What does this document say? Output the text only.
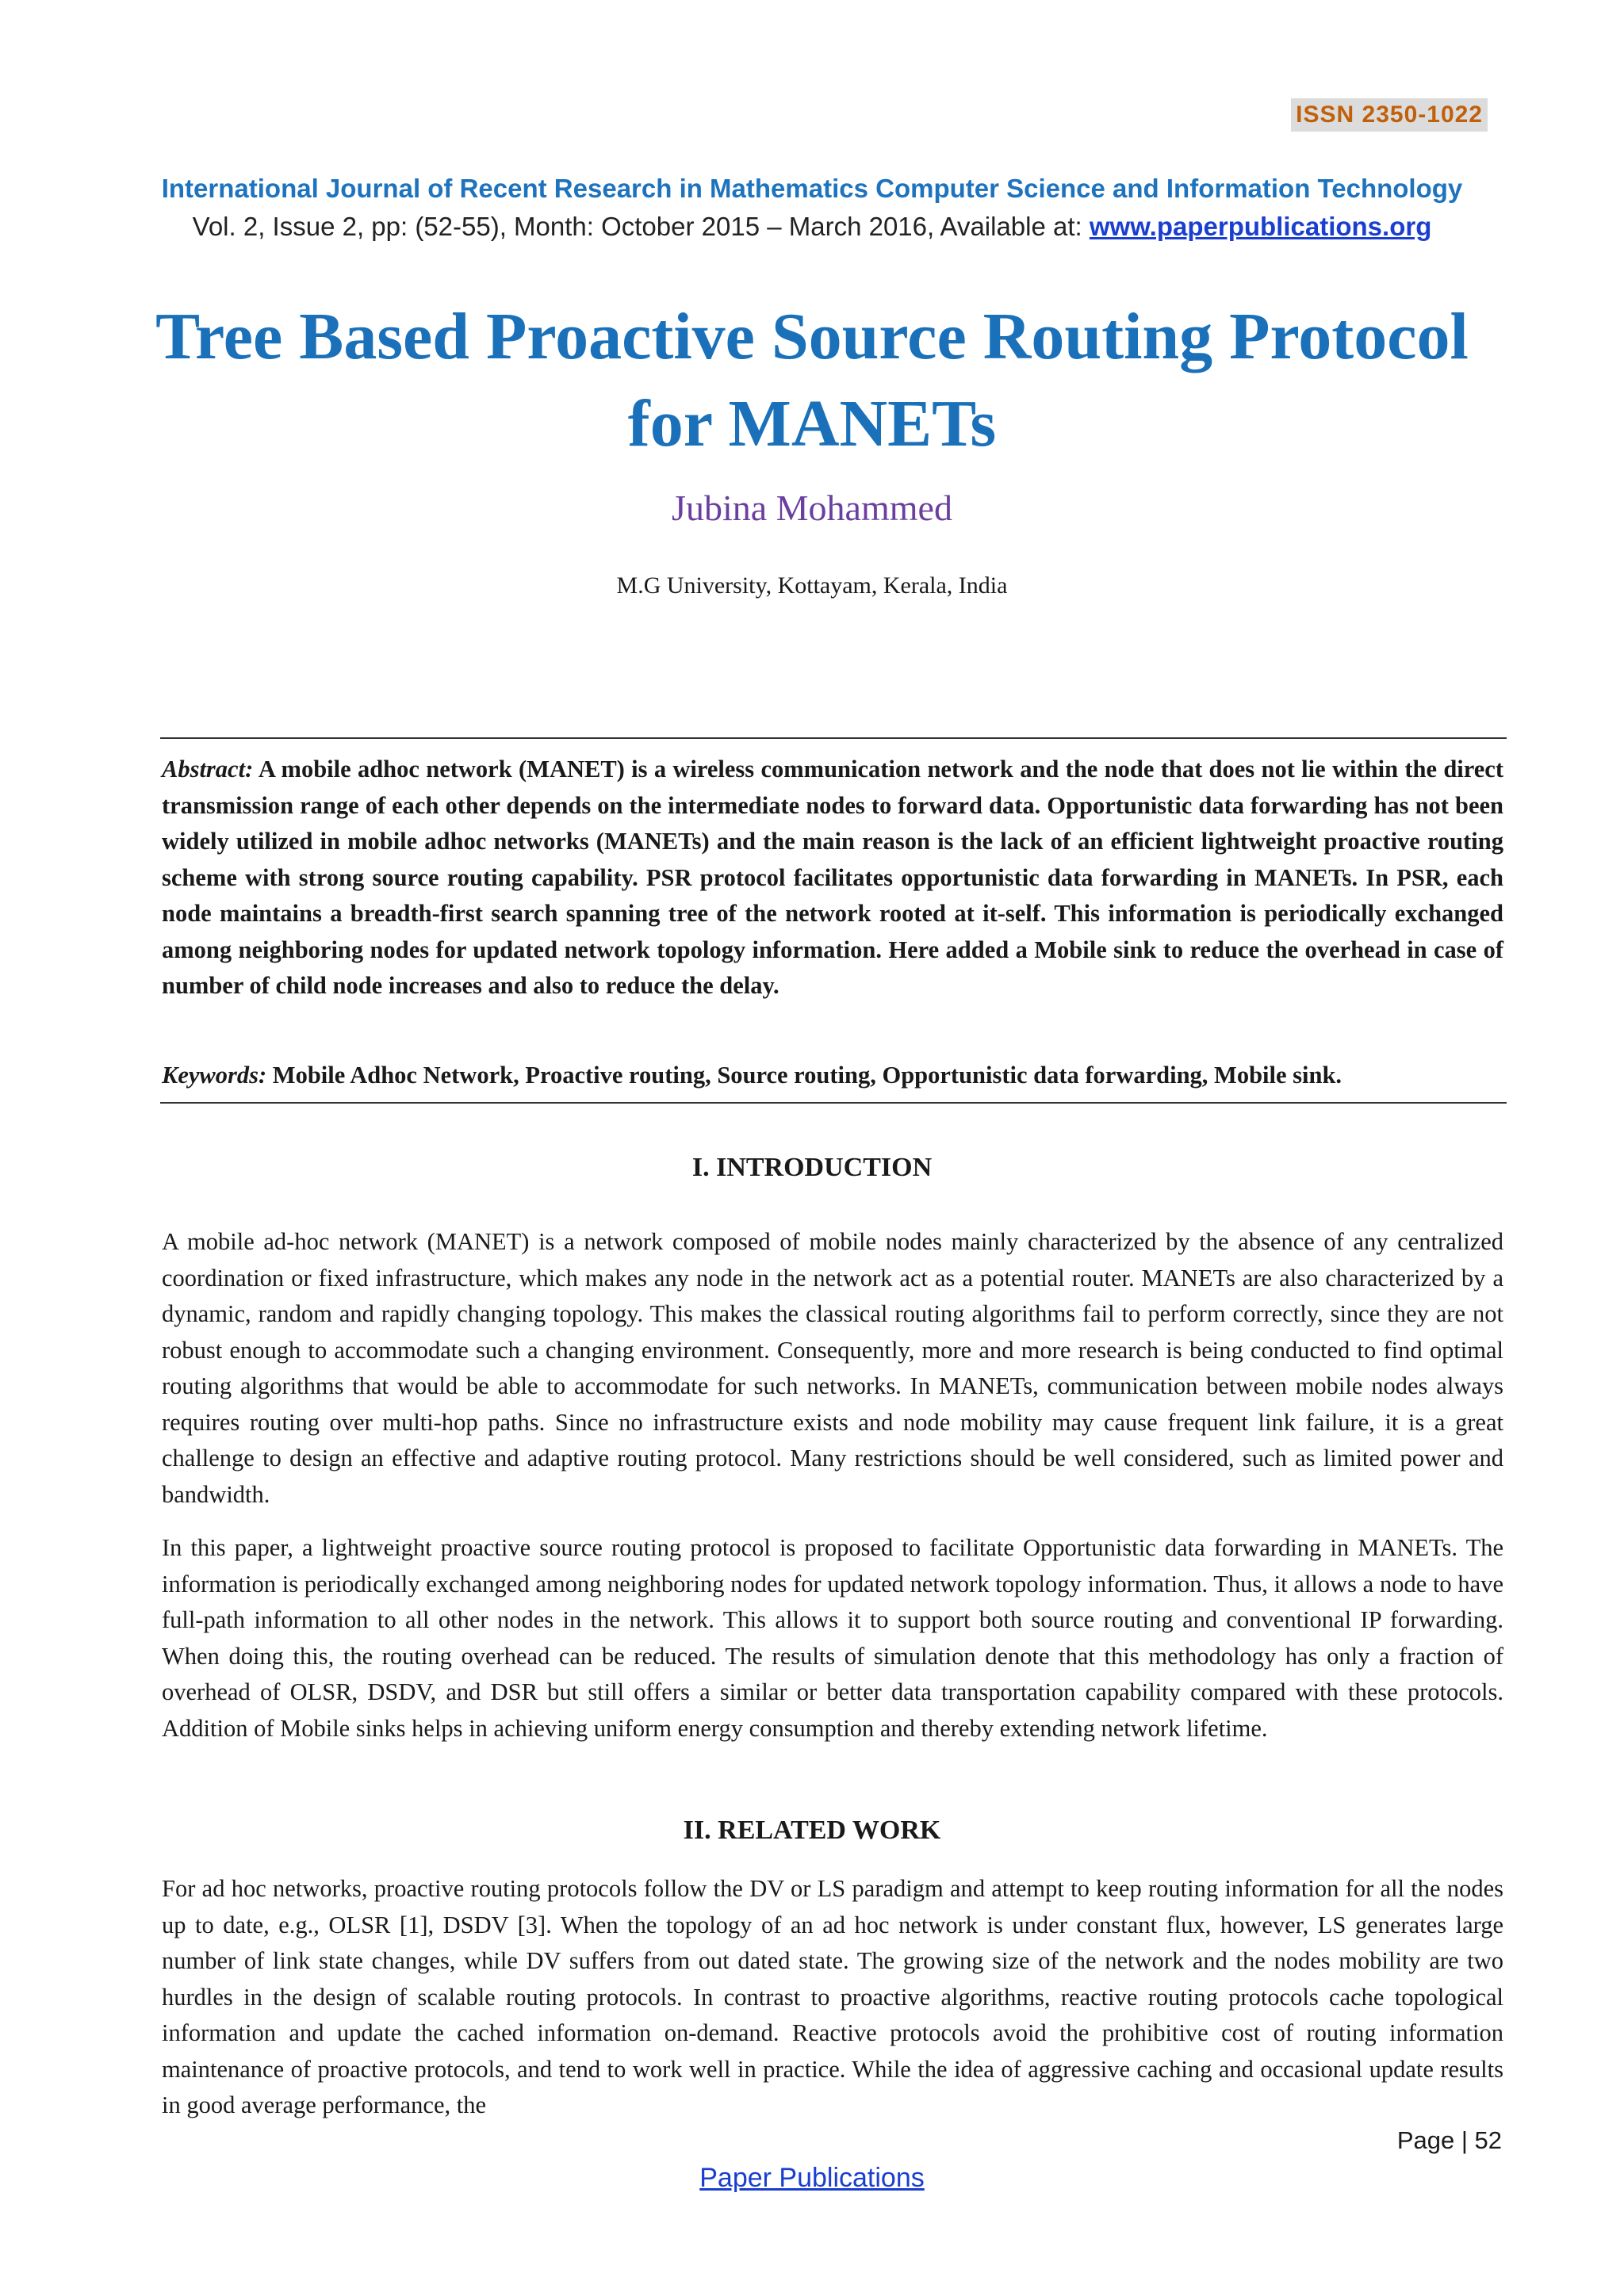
ISSN 2350-1022
International Journal of Recent Research in Mathematics Computer Science and Information Technology
Vol. 2, Issue 2, pp: (52-55), Month: October 2015 – March 2016, Available at: www.paperpublications.org
Tree Based Proactive Source Routing Protocol for MANETs
Jubina Mohammed
M.G University, Kottayam, Kerala, India
Abstract: A mobile adhoc network (MANET) is a wireless communication network and the node that does not lie within the direct transmission range of each other depends on the intermediate nodes to forward data. Opportunistic data forwarding has not been widely utilized in mobile adhoc networks (MANETs) and the main reason is the lack of an efficient lightweight proactive routing scheme with strong source routing capability. PSR protocol facilitates opportunistic data forwarding in MANETs. In PSR, each node maintains a breadth-first search spanning tree of the network rooted at it-self. This information is periodically exchanged among neighboring nodes for updated network topology information. Here added a Mobile sink to reduce the overhead in case of number of child node increases and also to reduce the delay.
Keywords: Mobile Adhoc Network, Proactive routing, Source routing, Opportunistic data forwarding, Mobile sink.
I. INTRODUCTION
A mobile ad-hoc network (MANET) is a network composed of mobile nodes mainly characterized by the absence of any centralized coordination or fixed infrastructure, which makes any node in the network act as a potential router. MANETs are also characterized by a dynamic, random and rapidly changing topology. This makes the classical routing algorithms fail to perform correctly, since they are not robust enough to accommodate such a changing environment. Consequently, more and more research is being conducted to find optimal routing algorithms that would be able to accommodate for such networks. In MANETs, communication between mobile nodes always requires routing over multi-hop paths. Since no infrastructure exists and node mobility may cause frequent link failure, it is a great challenge to design an effective and adaptive routing protocol. Many restrictions should be well considered, such as limited power and bandwidth.
In this paper, a lightweight proactive source routing protocol is proposed to facilitate Opportunistic data forwarding in MANETs. The information is periodically exchanged among neighboring nodes for updated network topology information. Thus, it allows a node to have full-path information to all other nodes in the network. This allows it to support both source routing and conventional IP forwarding. When doing this, the routing overhead can be reduced. The results of simulation denote that this methodology has only a fraction of overhead of OLSR, DSDV, and DSR but still offers a similar or better data transportation capability compared with these protocols. Addition of Mobile sinks helps in achieving uniform energy consumption and thereby extending network lifetime.
II. RELATED WORK
For ad hoc networks, proactive routing protocols follow the DV or LS paradigm and attempt to keep routing information for all the nodes up to date, e.g., OLSR [1], DSDV [3]. When the topology of an ad hoc network is under constant flux, however, LS generates large number of link state changes, while DV suffers from out dated state. The growing size of the network and the nodes mobility are two hurdles in the design of scalable routing protocols. In contrast to proactive algorithms, reactive routing protocols cache topological information and update the cached information on-demand. Reactive protocols avoid the prohibitive cost of routing information maintenance of proactive protocols, and tend to work well in practice. While the idea of aggressive caching and occasional update results in good average performance, the
Page | 52
Paper Publications
